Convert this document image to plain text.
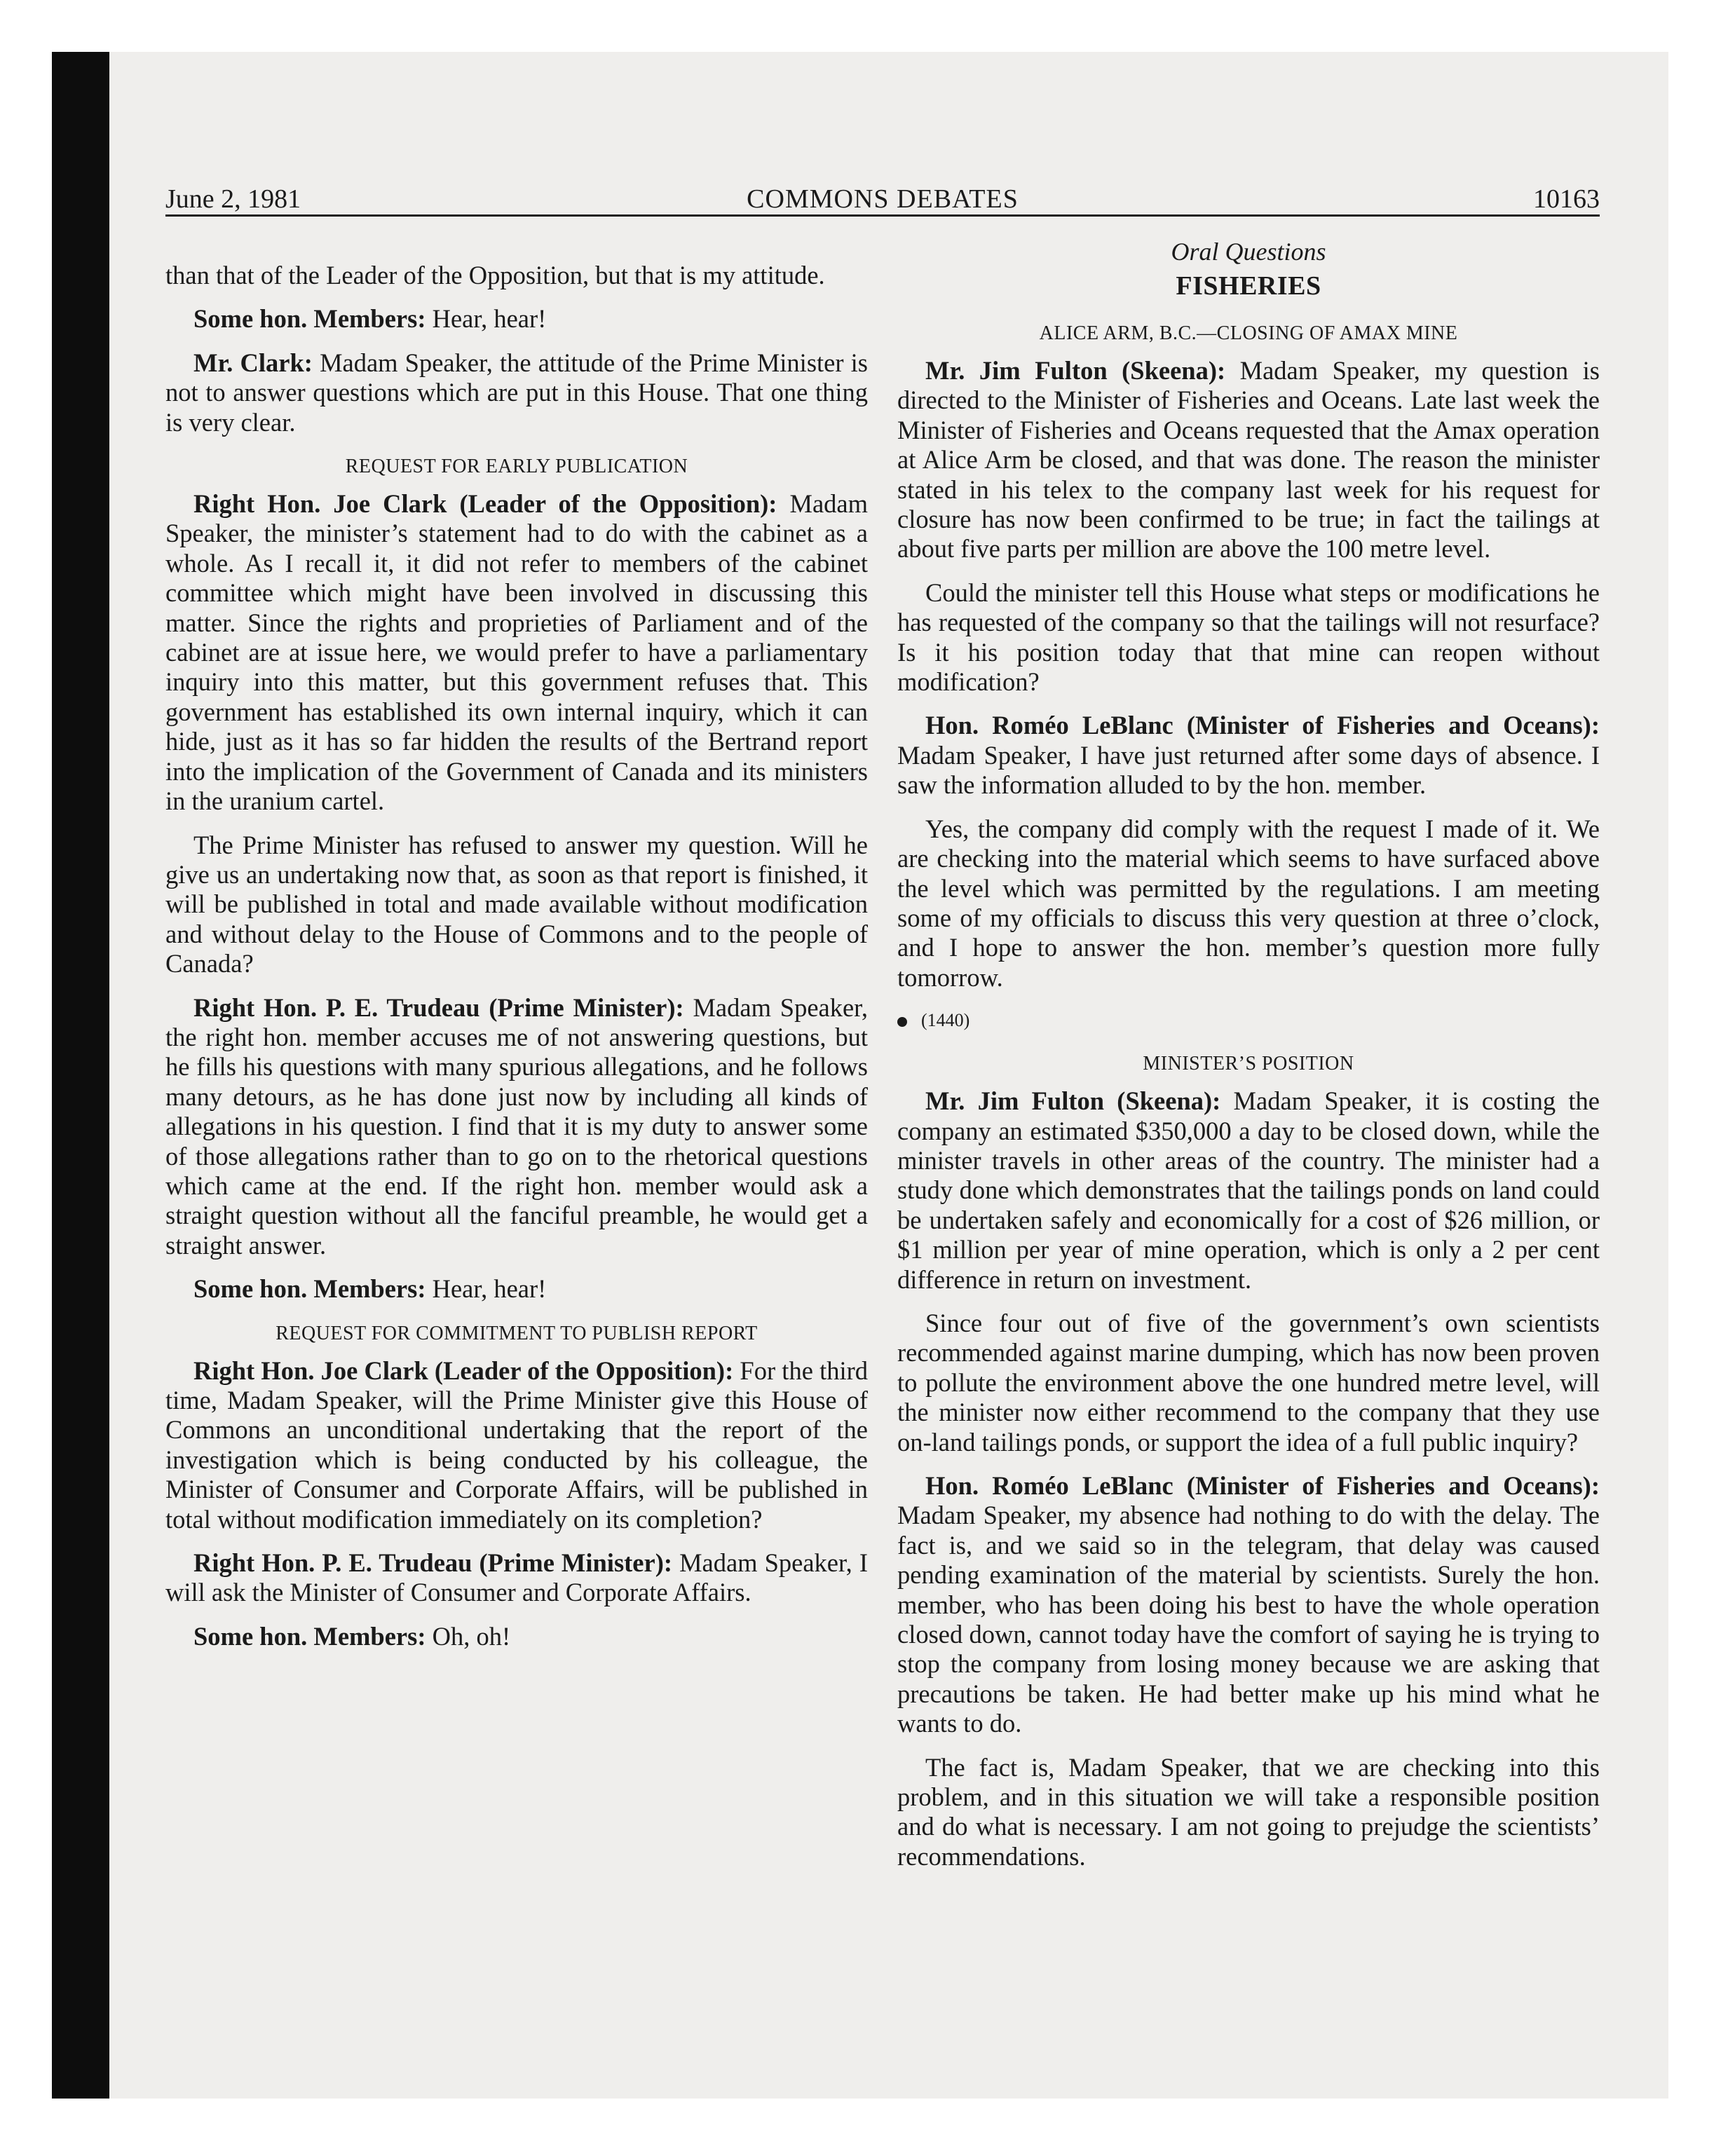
June 2, 1981	COMMONS DEBATES	10163

than that of the Leader of the Opposition, but that is my attitude.

Some hon. Members: Hear, hear!

Mr. Clark: Madam Speaker, the attitude of the Prime Minister is not to answer questions which are put in this House. That one thing is very clear.

REQUEST FOR EARLY PUBLICATION

Right Hon. Joe Clark (Leader of the Opposition): Madam Speaker, the minister’s statement had to do with the cabinet as a whole. As I recall it, it did not refer to members of the cabinet committee which might have been involved in discussing this matter. Since the rights and proprieties of Parliament and of the cabinet are at issue here, we would prefer to have a parliamentary inquiry into this matter, but this government refuses that. This government has established its own internal inquiry, which it can hide, just as it has so far hidden the results of the Bertrand report into the implication of the Government of Canada and its ministers in the uranium cartel.

The Prime Minister has refused to answer my question. Will he give us an undertaking now that, as soon as that report is finished, it will be published in total and made available without modification and without delay to the House of Commons and to the people of Canada?

Right Hon. P. E. Trudeau (Prime Minister): Madam Speaker, the right hon. member accuses me of not answering questions, but he fills his questions with many spurious allegations, and he follows many detours, as he has done just now by including all kinds of allegations in his question. I find that it is my duty to answer some of those allegations rather than to go on to the rhetorical questions which came at the end. If the right hon. member would ask a straight question without all the fanciful preamble, he would get a straight answer.

Some hon. Members: Hear, hear!

REQUEST FOR COMMITMENT TO PUBLISH REPORT

Right Hon. Joe Clark (Leader of the Opposition): For the third time, Madam Speaker, will the Prime Minister give this House of Commons an unconditional undertaking that the report of the investigation which is being conducted by his colleague, the Minister of Consumer and Corporate Affairs, will be published in total without modification immediately on its completion?

Right Hon. P. E. Trudeau (Prime Minister): Madam Speaker, I will ask the Minister of Consumer and Corporate Affairs.

Some hon. Members: Oh, oh!

Oral Questions
FISHERIES
ALICE ARM, B.C.—CLOSING OF AMAX MINE

Mr. Jim Fulton (Skeena): Madam Speaker, my question is directed to the Minister of Fisheries and Oceans. Late last week the Minister of Fisheries and Oceans requested that the Amax operation at Alice Arm be closed, and that was done. The reason the minister stated in his telex to the company last week for his request for closure has now been confirmed to be true; in fact the tailings at about five parts per million are above the 100 metre level.

Could the minister tell this House what steps or modifications he has requested of the company so that the tailings will not resurface? Is it his position today that that mine can reopen without modification?

Hon. Roméo LeBlanc (Minister of Fisheries and Oceans): Madam Speaker, I have just returned after some days of absence. I saw the information alluded to by the hon. member.

Yes, the company did comply with the request I made of it. We are checking into the material which seems to have surfaced above the level which was permitted by the regulations. I am meeting some of my officials to discuss this very question at three o’clock, and I hope to answer the hon. member’s question more fully tomorrow.

(1440)
MINISTER’S POSITION

Mr. Jim Fulton (Skeena): Madam Speaker, it is costing the company an estimated $350,000 a day to be closed down, while the minister travels in other areas of the country. The minister had a study done which demonstrates that the tailings ponds on land could be undertaken safely and economically for a cost of $26 million, or $1 million per year of mine operation, which is only a 2 per cent difference in return on investment.

Since four out of five of the government’s own scientists recommended against marine dumping, which has now been proven to pollute the environment above the one hundred metre level, will the minister now either recommend to the company that they use on-land tailings ponds, or support the idea of a full public inquiry?

Hon. Roméo LeBlanc (Minister of Fisheries and Oceans): Madam Speaker, my absence had nothing to do with the delay. The fact is, and we said so in the telegram, that delay was caused pending examination of the material by scientists. Surely the hon. member, who has been doing his best to have the whole operation closed down, cannot today have the comfort of saying he is trying to stop the company from losing money because we are asking that precautions be taken. He had better make up his mind what he wants to do.

The fact is, Madam Speaker, that we are checking into this problem, and in this situation we will take a responsible position and do what is necessary. I am not going to prejudge the scientists’ recommendations.
